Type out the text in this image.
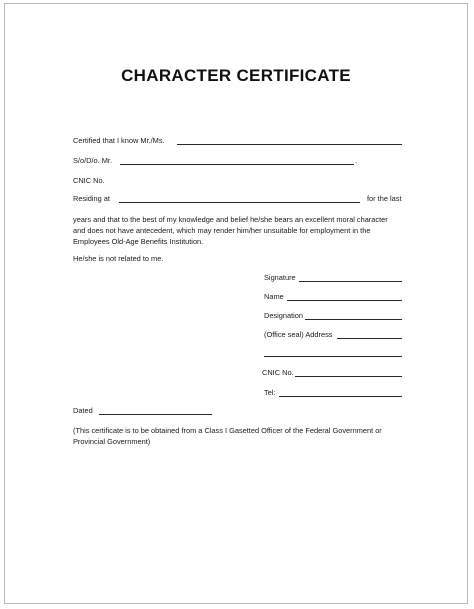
CHARACTER CERTIFICATE
Certified that I know Mr./Ms.
S/o/D/o. Mr.	.
CNIC No.
Residing at	for the last
years and that to the best of my knowledge and belief he/she bears an excellent moral character
and does not have antecedent, which may render him/her unsuitable for employment in the
Employees Old-Age Benefits Institution.
He/she is not related to me.
Signature
Name
Designation
(Office seal) Address
CNIC No.
Tel:
Dated
(This certificate is to be obtained from a Class I Gasetted Officer of the Federal Government or
Provincial Government)
